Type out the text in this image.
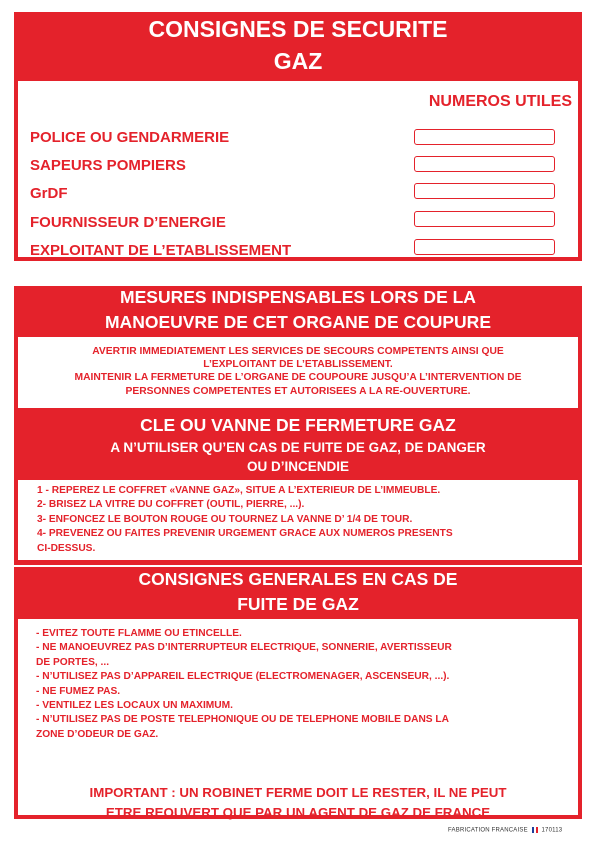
CONSIGNES DE SECURITE
GAZ
NUMEROS UTILES
POLICE OU GENDARMERIE
SAPEURS POMPIERS
GrDF
FOURNISSEUR D’ENERGIE
EXPLOITANT DE L’ETABLISSEMENT
MESURES INDISPENSABLES LORS DE LA
MANOEUVRE DE CET ORGANE DE COUPURE
AVERTIR IMMEDIATEMENT LES SERVICES DE SECOURS COMPETENTS AINSI QUE
L’EXPLOITANT DE L’ETABLISSEMENT.
MAINTENIR LA FERMETURE DE L’ORGANE DE COUPOURE JUSQU’A L’INTERVENTION DE
PERSONNES COMPETENTES ET AUTORISEES A LA RE-OUVERTURE.
CLE OU VANNE DE FERMETURE GAZ
A N’UTILISER QU’EN CAS DE FUITE DE GAZ, DE DANGER
OU D’INCENDIE
1 - REPEREZ LE COFFRET «VANNE GAZ», SITUE A L’EXTERIEUR DE L’IMMEUBLE.
2- BRISEZ LA VITRE DU COFFRET (OUTIL, PIERRE, ...).
3- ENFONCEZ LE BOUTON ROUGE OU TOURNEZ LA VANNE D’ 1/4 DE TOUR.
4- PREVENEZ OU FAITES PREVENIR URGEMENT GRACE AUX NUMEROS PRESENTS
CI-DESSUS.
CONSIGNES GENERALES EN CAS DE
FUITE DE GAZ
- EVITEZ TOUTE FLAMME OU ETINCELLE.
- NE MANOEUVREZ PAS D’INTERRUPTEUR ELECTRIQUE, SONNERIE, AVERTISSEUR
DE PORTES, ...
- N’UTILISEZ PAS D’APPAREIL ELECTRIQUE (ELECTROMENAGER, ASCENSEUR, ...).
- NE FUMEZ PAS.
- VENTILEZ LES LOCAUX UN MAXIMUM.
- N’UTILISEZ PAS DE POSTE TELEPHONIQUE OU DE TELEPHONE MOBILE DANS LA
ZONE D’ODEUR DE GAZ.
IMPORTANT : UN ROBINET FERME DOIT LE RESTER, IL NE PEUT
ETRE REOUVERT QUE PAR UN AGENT DE GAZ DE FRANCE
FABRICATION FRANCAISE 170113
